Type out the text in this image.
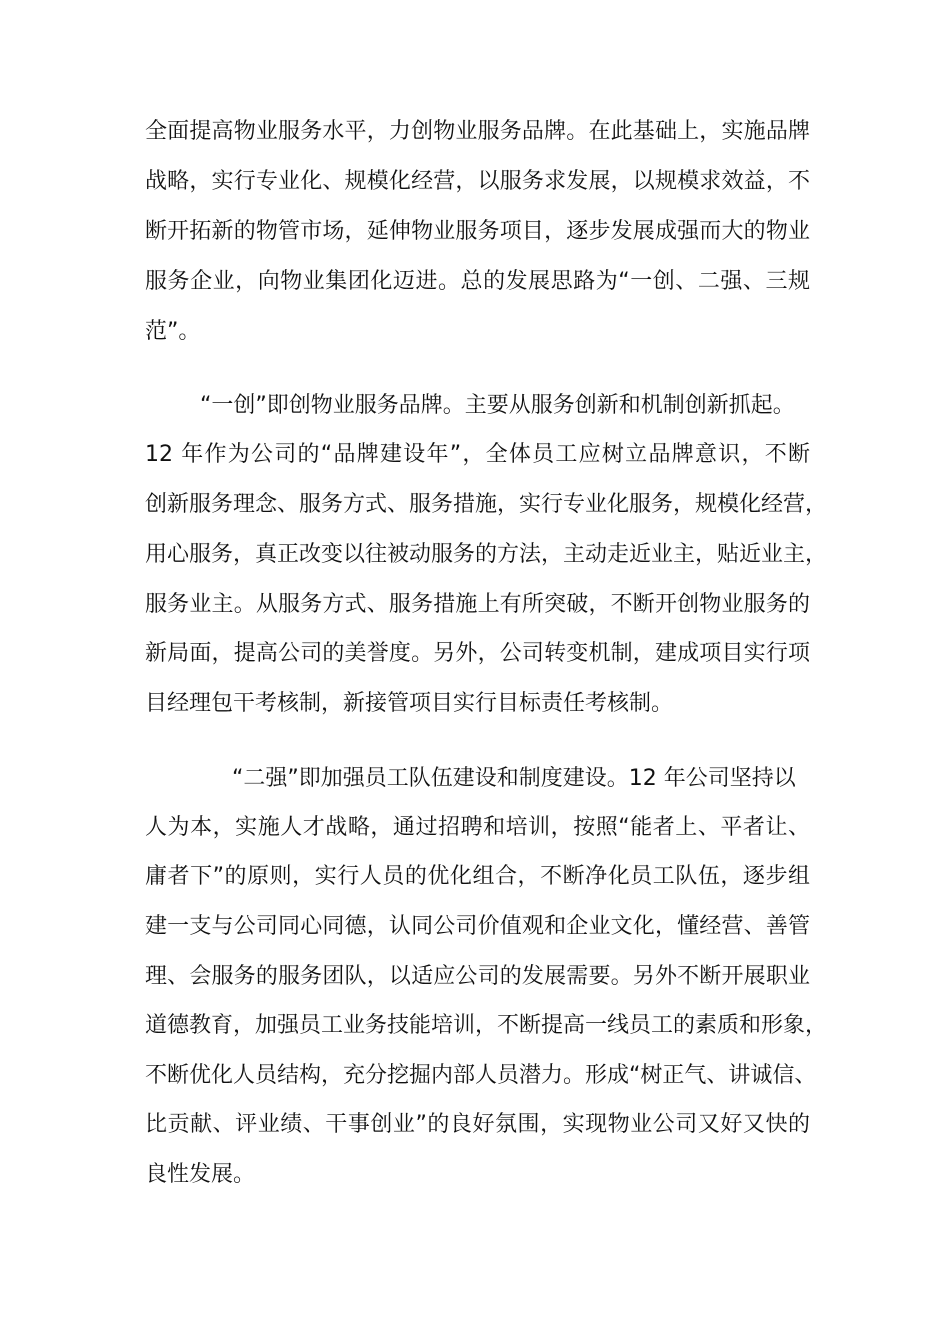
全面提高物业服务水平，力创物业服务品牌。在此基础上，实施品牌
战略，实行专业化、规模化经营，以服务求发展，以规模求效益，不
断开拓新的物管市场，延伸物业服务项目，逐步发展成强而大的物业
服务企业，向物业集团化迈进。总的发展思路为“一创、二强、三规
范”。
“一创”即创物业服务品牌。主要从服务创新和机制创新抓起。
12 年作为公司的“品牌建设年”，全体员工应树立品牌意识，不断
创新服务理念、服务方式、服务措施，实行专业化服务，规模化经营，
用心服务，真正改变以往被动服务的方法，主动走近业主，贴近业主，
服务业主。从服务方式、服务措施上有所突破，不断开创物业服务的
新局面，提高公司的美誉度。另外，公司转变机制，建成项目实行项
目经理包干考核制，新接管项目实行目标责任考核制。
“二强”即加强员工队伍建设和制度建设。12 年公司坚持以
人为本，实施人才战略，通过招聘和培训，按照“能者上、平者让、
庸者下”的原则，实行人员的优化组合，不断净化员工队伍，逐步组
建一支与公司同心同德，认同公司价值观和企业文化，懂经营、善管
理、会服务的服务团队，以适应公司的发展需要。另外不断开展职业
道德教育，加强员工业务技能培训，不断提高一线员工的素质和形象，
不断优化人员结构，充分挖掘内部人员潜力。形成“树正气、讲诚信、
比贡献、评业绩、干事创业”的良好氛围，实现物业公司又好又快的
良性发展。
